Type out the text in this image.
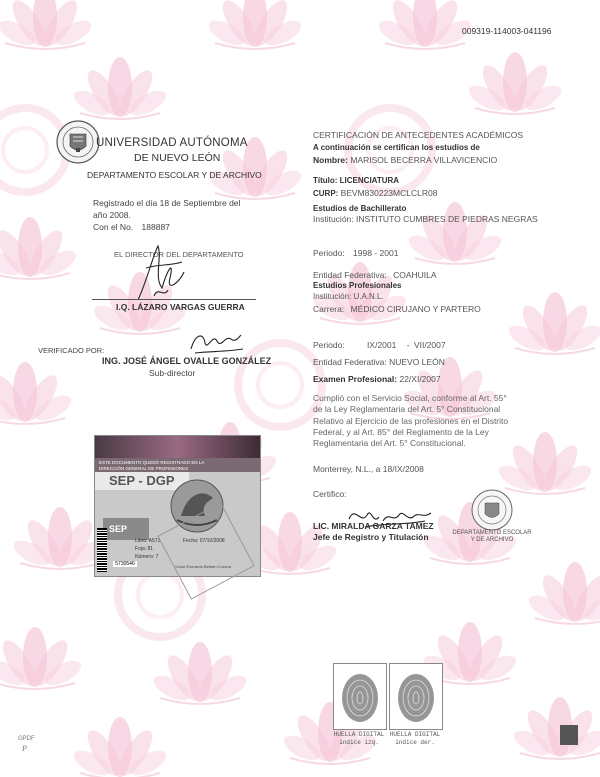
009319-114003-041196
UNIVERSIDAD AUTÓNOMA
DE NUEVO LEÓN
DEPARTAMENTO ESCOLAR Y DE ARCHIVO
Registrado el día 18 de Septiembre del
año 2008.
Con el No. 188887
EL DIRECTOR DEL DEPARTAMENTO
I.Q. LÁZARO VARGAS GUERRA
VERIFICADO POR:
ING. JOSÉ ÁNGEL OVALLE GONZÁLEZ
Sub-director
CERTIFICACIÓN DE ANTECEDENTES ACADÉMICOS
A continuación se certifican los estudios de
Nombre: MARISOL BECERRA VILLAVICENCIO
Título: LICENCIATURA
CURP: BEVM830223MCLCLR08
Estudios de Bachillerato
Institución: INSTITUTO CUMBRES DE PIEDRAS NEGRAS
Periodo: 1998 - 2001
Entidad Federativa: COAHUILA
Estudios Profesionales
Institución: U.A.N.L.
Carrera: MÉDICO CIRUJANO Y PARTERO
Periodo:	IX/2001 - VII/2007
Entidad Federativa: NUEVO LEÓN
Examen Profesional: 22/XI/2007
Cumplió con el Servicio Social, conforme al Art. 55°
de la Ley Reglamentaria del Art. 5° Constitucional
Relativo al Ejercicio de las profesiones en el Distrito
Federal, y al Art. 85° del Reglamento de la Ley
Reglamentaria del Art. 5° Constitucional.
Monterrey, N.L., a 18/IX/2008
Certifico:
LIC. MIRALDA GARZA TAMEZ
Jefe de Registro y Titulación	DEPARTAMENTO ESCOLAR
Y DE ARCHIVO
ESTE DOCUMENTO QUEDÓ REGISTRADO EN LA
DIRECCIÓN GENERAL DE PROFESIONES
SEP - DGP
SEP
Libro: A573	Fecha: 07/10/2008
Foja: 81
Número: 7
5730546	Víctor Everardo Beltrán Corona
HUELLA DIGITAL
índice izq.
HUELLA DIGITAL
índice der.
GPDF
P
